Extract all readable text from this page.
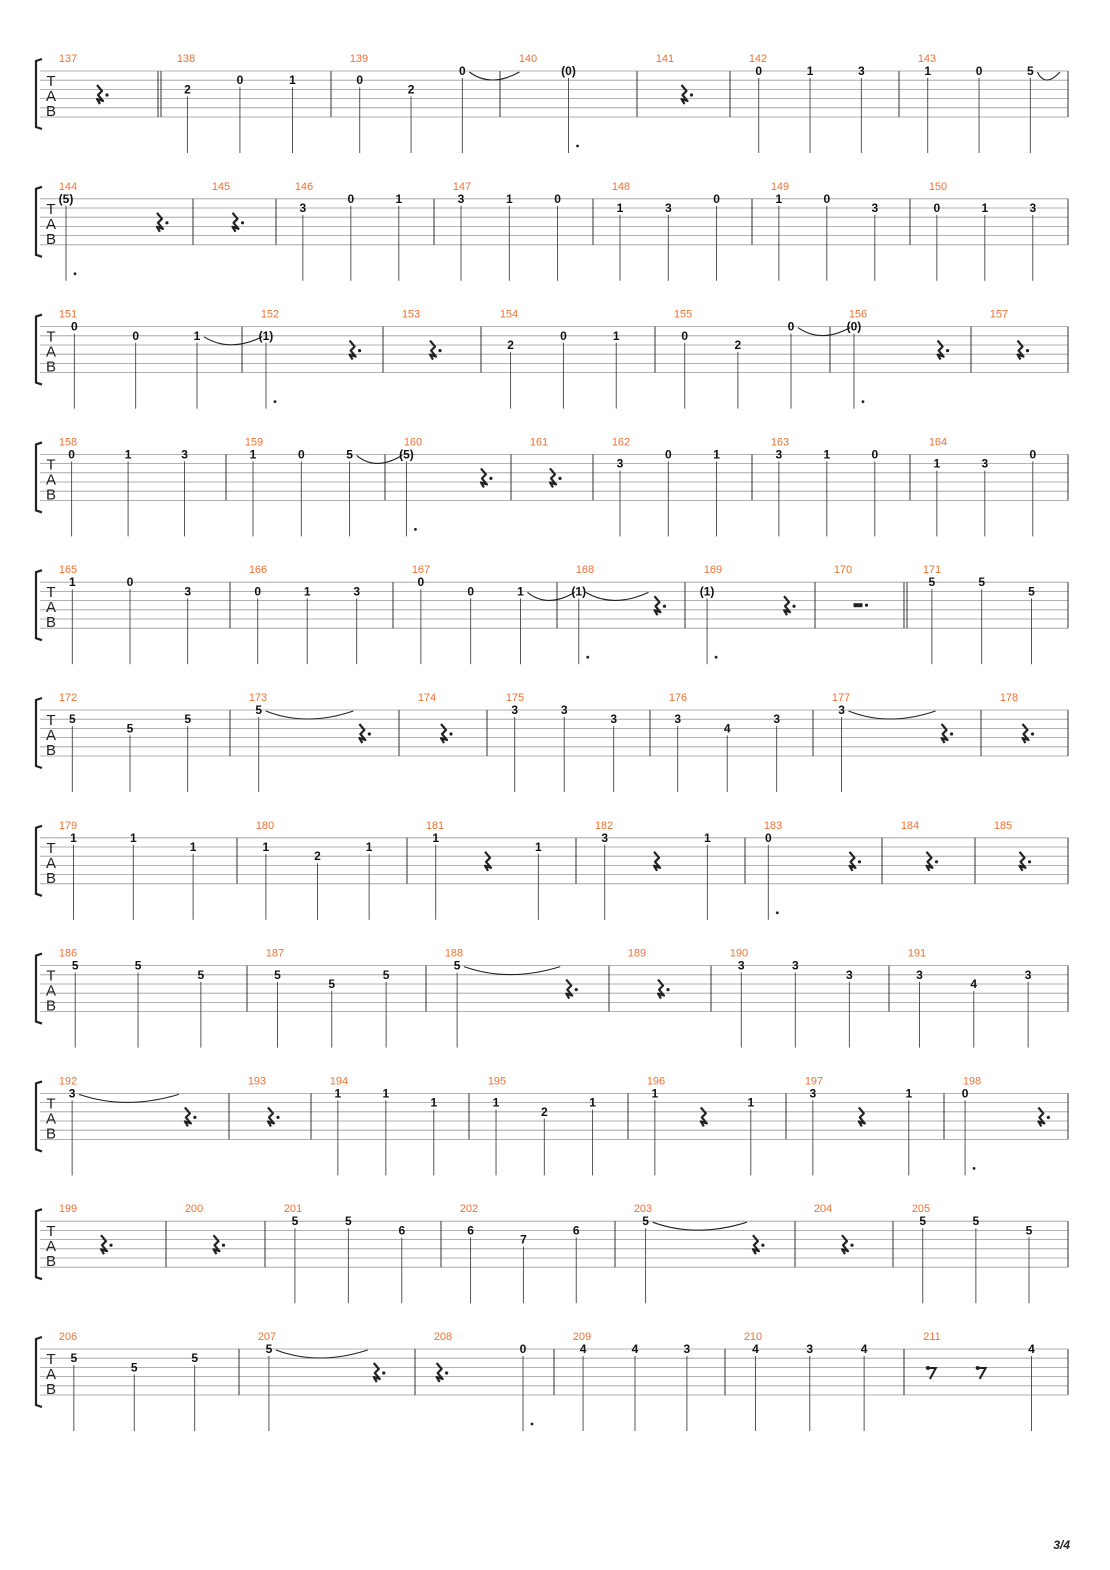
T
A
B
137	138
2
0	1
139
0
2
0
140
(0)
141	142
0	1	3
143
1	0	5
T
A
B
144
(5)
145	146
3
0	1
147
3	1	0
148
1	3
0
149
1	0
3
150
0	1	3
T
A
B
151
0
0	1
152
(1)
153	154
2
0	1
155
0
2
0
156
(0)
157
T
A
B
158
0	1	3
159
1	0	5
160
(5)
161	162
3
0	1
163
3	1	0
164
1	3
0
T
A
B
165
1	0
3
166
0	1	3
167
0
0	1
168
(1)
169
(1)
170	171
5	5
5
T
A
B
172
5
5
5
173
5
174	175
3	3
3
176
3
4
3
177
3
178
T
A
B
179
1	1
1
180
1
2
1
181
1
1
182
3	1
183
0
184	185
T
A
B
186
5	5
5
187
5
5
5
188
5
189	190
3	3
3
191
3
4
3
T
A
B
192
3
193	194
1	1
1
195
1
2
1
196
1
1
197
3	1
198
0
T
A
B
199	200	201
5	5
6
202
6
7
6
203
5
204	205
5	5
5
T
A
B
206
5
5
5
207
5
208
0
209
4	4	3
210
4	3	4
211
4
3/4
